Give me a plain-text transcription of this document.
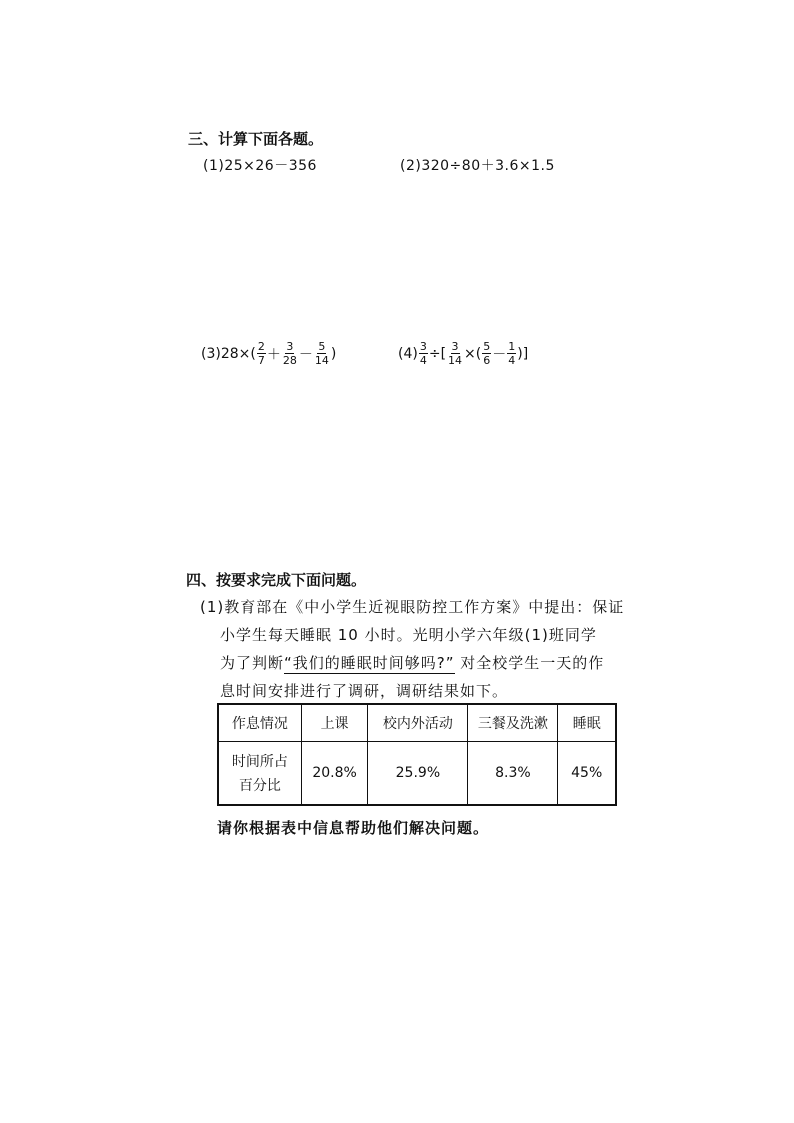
三、计算下面各题。
(1)25×26－356	(2)320÷80＋3.6×1.5
$(3)28\times( \frac{2}{7} + \frac{3}{28} - \frac{5}{14}$ )	$(4) \frac{3}{4}$ ÷[ $\frac{3}{14}$ ×( $\frac{5}{6} - \frac{1}{4}$ )]
四、按要求完成下面问题。
(1)教育部在《中小学生近视眼防控工作方案》中提出：保证
小学生每天睡眠 10 小时。光明小学六年级(1)班同学
为了判断“我们的睡眠时间够吗?” 对全校学生一天的作
息时间安排进行了调研，调研结果如下。
作息情况	上课	校内外活动	三餐及洗漱	睡眠

时间所占
百分比	20.8%	25.9%	8.3%	45%
请你根据表中信息帮助他们解决问题。
